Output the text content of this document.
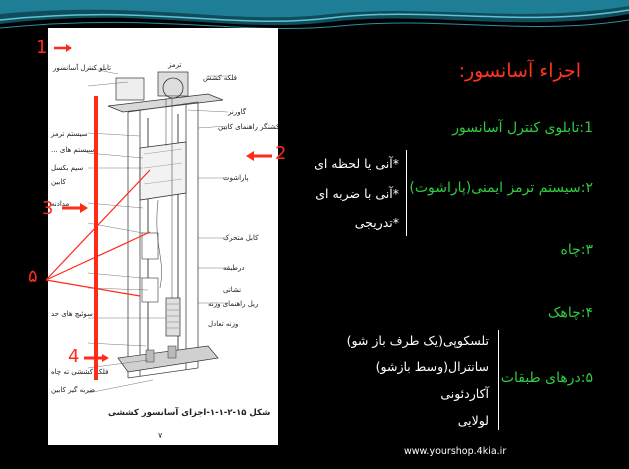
ترمز
تابلو کنترل آسانسور
فلکه کشش
گاورنر
کشنگر راهنمای کابین
سیستم ترمز
سیم بکسل
کابین	پاراشوت
مدادنه
کابل متحرک
درطبقه
نشانی
ریل راهنمای وزنه
وزنه تعادل
سوئیچ های حد
فلکه کششی ته چاه
ضربه گیر کابین
سیستم های ...
شکل ۱۵-۲-۱-۱-اجزای آسانسور کششی
۷
1
2
3
4
۵
اجزاء آسانسور:
1:تابلوی کنترل آسانسور
۲:سیستم ترمز ایمنی(پاراشوت)
۳:چاه
۴:چاهک
۵:درهای طبقات
*آنی یا لحظه ای
*آنی با ضربه ای
*تدریجی
تلسکوپی(یک طرف باز شو)
سانترال(وسط بازشو)
آکاردئونی
لولایی
www.yourshop.4kia.ir
